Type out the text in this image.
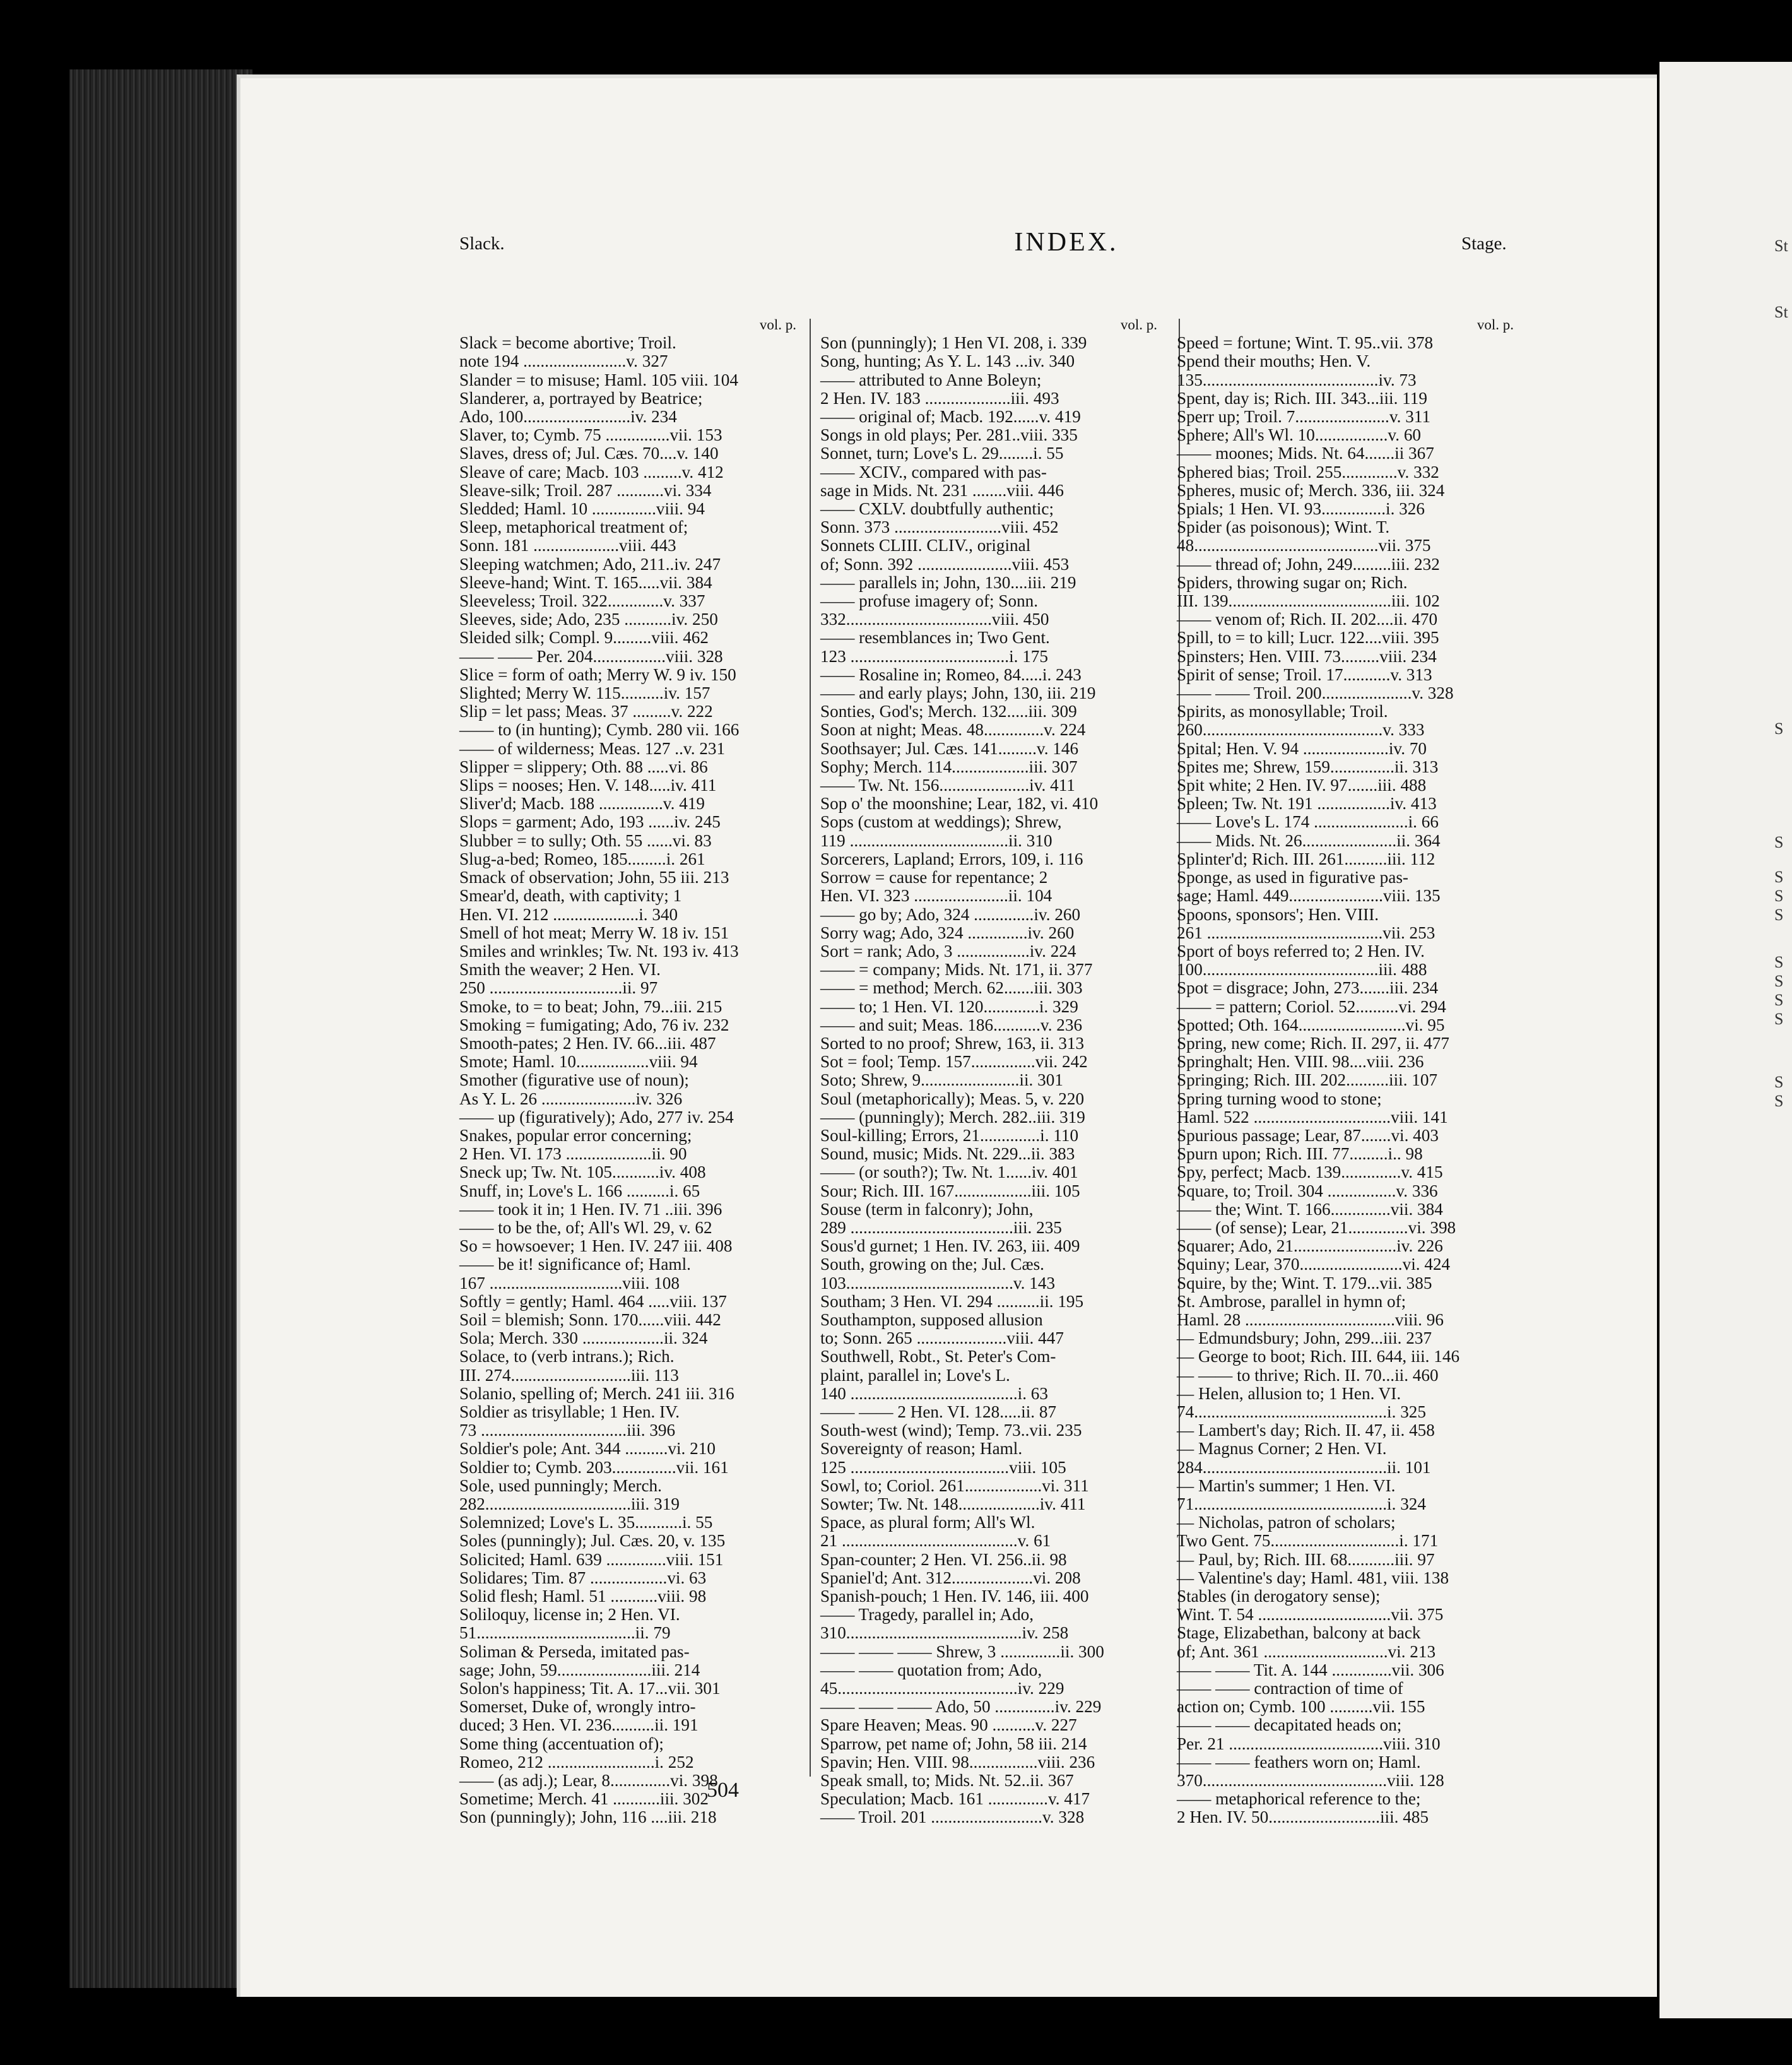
Slack.	INDEX.	Stage.
vol. p.
Slack = become abortive; Troil.
note 194 ........................v. 327
Slander = to misuse; Haml. 105 viii. 104
Slanderer, a, portrayed by Beatrice;
Ado, 100.........................iv. 234
Slaver, to; Cymb. 75 ...............vii. 153
Slaves, dress of; Jul. Cæs. 70....v. 140
Sleave of care; Macb. 103 .........v. 412
Sleave-silk; Troil. 287 ...........vi. 334
Sledded; Haml. 10 ...............viii. 94
Sleep, metaphorical treatment of;
Sonn. 181 ....................viii. 443
Sleeping watchmen; Ado, 211..iv. 247
Sleeve-hand; Wint. T. 165.....vii. 384
Sleeveless; Troil. 322.............v. 337
Sleeves, side; Ado, 235 ...........iv. 250
Sleided silk; Compl. 9.........viii. 462
—— —— Per. 204.................viii. 328
Slice = form of oath; Merry W. 9 iv. 150
Slighted; Merry W. 115..........iv. 157
Slip = let pass; Meas. 37 .........v. 222
—— to (in hunting); Cymb. 280 vii. 166
—— of wilderness; Meas. 127 ..v. 231
Slipper = slippery; Oth. 88 .....vi. 86
Slips = nooses; Hen. V. 148.....iv. 411
Sliver'd; Macb. 188 ...............v. 419
Slops = garment; Ado, 193 ......iv. 245
Slubber = to sully; Oth. 55 ......vi. 83
Slug-a-bed; Romeo, 185.........i. 261
Smack of observation; John, 55 iii. 213
Smear'd, death, with captivity; 1
Hen. VI. 212 ....................i. 340
Smell of hot meat; Merry W. 18 iv. 151
Smiles and wrinkles; Tw. Nt. 193 iv. 413
Smith the weaver; 2 Hen. VI.
250 ...............................ii. 97
Smoke, to = to beat; John, 79...iii. 215
Smoking = fumigating; Ado, 76 iv. 232
Smooth-pates; 2 Hen. IV. 66...iii. 487
Smote; Haml. 10.................viii. 94
Smother (figurative use of noun);
As Y. L. 26 ......................iv. 326
—— up (figuratively); Ado, 277 iv. 254
Snakes, popular error concerning;
2 Hen. VI. 173 ....................ii. 90
Sneck up; Tw. Nt. 105...........iv. 408
Snuff, in; Love's L. 166 ..........i. 65
—— took it in; 1 Hen. IV. 71 ..iii. 396
—— to be the, of; All's Wl. 29, v. 62
So = howsoever; 1 Hen. IV. 247 iii. 408
—— be it! significance of; Haml.
167 ...............................viii. 108
Softly = gently; Haml. 464 .....viii. 137
Soil = blemish; Sonn. 170......viii. 442
Sola; Merch. 330 ...................ii. 324
Solace, to (verb intrans.); Rich.
III. 274............................iii. 113
Solanio, spelling of; Merch. 241 iii. 316
Soldier as trisyllable; 1 Hen. IV.
73 ..................................iii. 396
Soldier's pole; Ant. 344 ..........vi. 210
Soldier to; Cymb. 203...............vii. 161
Sole, used punningly; Merch.
282..................................iii. 319
Solemnized; Love's L. 35...........i. 55
Soles (punningly); Jul. Cæs. 20, v. 135
Solicited; Haml. 639 ..............viii. 151
Solidares; Tim. 87 ..................vi. 63
Solid flesh; Haml. 51 ...........viii. 98
Soliloquy, license in; 2 Hen. VI.
51.....................................ii. 79
Soliman & Perseda, imitated pas-
sage; John, 59......................iii. 214
Solon's happiness; Tit. A. 17...vii. 301
Somerset, Duke of, wrongly intro-
duced; 3 Hen. VI. 236..........ii. 191
Some thing (accentuation of);
Romeo, 212 .........................i. 252
—— (as adj.); Lear, 8..............vi. 398
Sometime; Merch. 41 ...........iii. 302
Son (punningly); John, 116 ....iii. 218
vol. p.
Son (punningly); 1 Hen VI. 208, i. 339
Song, hunting; As Y. L. 143 ...iv. 340
—— attributed to Anne Boleyn;
2 Hen. IV. 183 ....................iii. 493
—— original of; Macb. 192......v. 419
Songs in old plays; Per. 281..viii. 335
Sonnet, turn; Love's L. 29........i. 55
—— XCIV., compared with pas-
sage in Mids. Nt. 231 ........viii. 446
—— CXLV. doubtfully authentic;
Sonn. 373 .........................viii. 452
Sonnets CLIII. CLIV., original
of; Sonn. 392 ......................viii. 453
—— parallels in; John, 130....iii. 219
—— profuse imagery of; Sonn.
332..................................viii. 450
—— resemblances in; Two Gent.
123 .....................................i. 175
—— Rosaline in; Romeo, 84.....i. 243
—— and early plays; John, 130, iii. 219
Sonties, God's; Merch. 132.....iii. 309
Soon at night; Meas. 48..............v. 224
Soothsayer; Jul. Cæs. 141.........v. 146
Sophy; Merch. 114..................iii. 307
—— Tw. Nt. 156.....................iv. 411
Sop o' the moonshine; Lear, 182, vi. 410
Sops (custom at weddings); Shrew,
119 .....................................ii. 310
Sorcerers, Lapland; Errors, 109, i. 116
Sorrow = cause for repentance; 2
Hen. VI. 323 ......................ii. 104
—— go by; Ado, 324 ..............iv. 260
Sorry wag; Ado, 324 ..............iv. 260
Sort = rank; Ado, 3 .................iv. 224
—— = company; Mids. Nt. 171, ii. 377
—— = method; Merch. 62.......iii. 303
—— to; 1 Hen. VI. 120.............i. 329
—— and suit; Meas. 186...........v. 236
Sorted to no proof; Shrew, 163, ii. 313
Sot = fool; Temp. 157...............vii. 242
Soto; Shrew, 9.......................ii. 301
Soul (metaphorically); Meas. 5, v. 220
—— (punningly); Merch. 282..iii. 319
Soul-killing; Errors, 21..............i. 110
Sound, music; Mids. Nt. 229...ii. 383
—— (or south?); Tw. Nt. 1......iv. 401
Sour; Rich. III. 167..................iii. 105
Souse (term in falconry); John,
289 ......................................iii. 235
Sous'd gurnet; 1 Hen. IV. 263, iii. 409
South, growing on the; Jul. Cæs.
103.......................................v. 143
Southam; 3 Hen. VI. 294 ..........ii. 195
Southampton, supposed allusion
to; Sonn. 265 .....................viii. 447
Southwell, Robt., St. Peter's Com-
plaint, parallel in; Love's L.
140 .......................................i. 63
—— —— 2 Hen. VI. 128.....ii. 87
South-west (wind); Temp. 73..vii. 235
Sovereignty of reason; Haml.
125 .....................................viii. 105
Sowl, to; Coriol. 261..................vi. 311
Sowter; Tw. Nt. 148...................iv. 411
Space, as plural form; All's Wl.
21 .........................................v. 61
Span-counter; 2 Hen. VI. 256..ii. 98
Spaniel'd; Ant. 312...................vi. 208
Spanish-pouch; 1 Hen. IV. 146, iii. 400
—— Tragedy, parallel in; Ado,
310.........................................iv. 258
—— —— —— Shrew, 3 ..............ii. 300
—— —— quotation from; Ado,
45..........................................iv. 229
—— —— —— Ado, 50 ..............iv. 229
Spare Heaven; Meas. 90 ..........v. 227
Sparrow, pet name of; John, 58 iii. 214
Spavin; Hen. VIII. 98................viii. 236
Speak small, to; Mids. Nt. 52..ii. 367
Speculation; Macb. 161 ..............v. 417
—— Troil. 201 ..........................v. 328
vol. p.
Speed = fortune; Wint. T. 95..vii. 378
Spend their mouths; Hen. V.
135.........................................iv. 73
Spent, day is; Rich. III. 343...iii. 119
Sperr up; Troil. 7......................v. 311
Sphere; All's Wl. 10.................v. 60
—— moones; Mids. Nt. 64.......ii 367
Sphered bias; Troil. 255.............v. 332
Spheres, music of; Merch. 336, iii. 324
Spials; 1 Hen. VI. 93...............i. 326
Spider (as poisonous); Wint. T.
48...........................................vii. 375
—— thread of; John, 249.........iii. 232
Spiders, throwing sugar on; Rich.
III. 139......................................iii. 102
—— venom of; Rich. II. 202....ii. 470
Spill, to = to kill; Lucr. 122....viii. 395
Spinsters; Hen. VIII. 73.........viii. 234
Spirit of sense; Troil. 17...........v. 313
—— —— Troil. 200.....................v. 328
Spirits, as monosyllable; Troil.
260..........................................v. 333
Spital; Hen. V. 94 ....................iv. 70
Spites me; Shrew, 159...............ii. 313
Spit white; 2 Hen. IV. 97.......iii. 488
Spleen; Tw. Nt. 191 .................iv. 413
—— Love's L. 174 ......................i. 66
—— Mids. Nt. 26......................ii. 364
Splinter'd; Rich. III. 261..........iii. 112
Sponge, as used in figurative pas-
sage; Haml. 449......................viii. 135
Spoons, sponsors'; Hen. VIII.
261 .........................................vii. 253
Sport of boys referred to; 2 Hen. IV.
100.........................................iii. 488
Spot = disgrace; John, 273.......iii. 234
—— = pattern; Coriol. 52..........vi. 294
Spotted; Oth. 164.........................vi. 95
Spring, new come; Rich. II. 297, ii. 477
Springhalt; Hen. VIII. 98....viii. 236
Springing; Rich. III. 202..........iii. 107
Spring turning wood to stone;
Haml. 522 ................................viii. 141
Spurious passage; Lear, 87.......vi. 403
Spurn upon; Rich. III. 77.........i.. 98
Spy, perfect; Macb. 139..............v. 415
Square, to; Troil. 304 ................v. 336
—— the; Wint. T. 166..............vii. 384
—— (of sense); Lear, 21..............vi. 398
Squarer; Ado, 21........................iv. 226
Squiny; Lear, 370........................vi. 424
Squire, by the; Wint. T. 179...vii. 385
St. Ambrose, parallel in hymn of;
Haml. 28 ...................................viii. 96
— Edmundsbury; John, 299...iii. 237
— George to boot; Rich. III. 644, iii. 146
— —— to thrive; Rich. II. 70...ii. 460
— Helen, allusion to; 1 Hen. VI.
74.............................................i. 325
— Lambert's day; Rich. II. 47, ii. 458
— Magnus Corner; 2 Hen. VI.
284...........................................ii. 101
— Martin's summer; 1 Hen. VI.
71.............................................i. 324
— Nicholas, patron of scholars;
Two Gent. 75..............................i. 171
— Paul, by; Rich. III. 68...........iii. 97
— Valentine's day; Haml. 481, viii. 138
Stables (in derogatory sense);
Wint. T. 54 ...............................vii. 375
Stage, Elizabethan, balcony at back
of; Ant. 361 .............................vi. 213
—— —— Tit. A. 144 ..............vii. 306
—— —— contraction of time of
action on; Cymb. 100 ..........vii. 155
—— —— decapitated heads on;
Per. 21 ....................................viii. 310
—— —— feathers worn on; Haml.
370...........................................viii. 128
—— metaphorical reference to the;
2 Hen. IV. 50..........................iii. 485
504
St
St
S
S
S
S
S
S
S
S
S
S
S
